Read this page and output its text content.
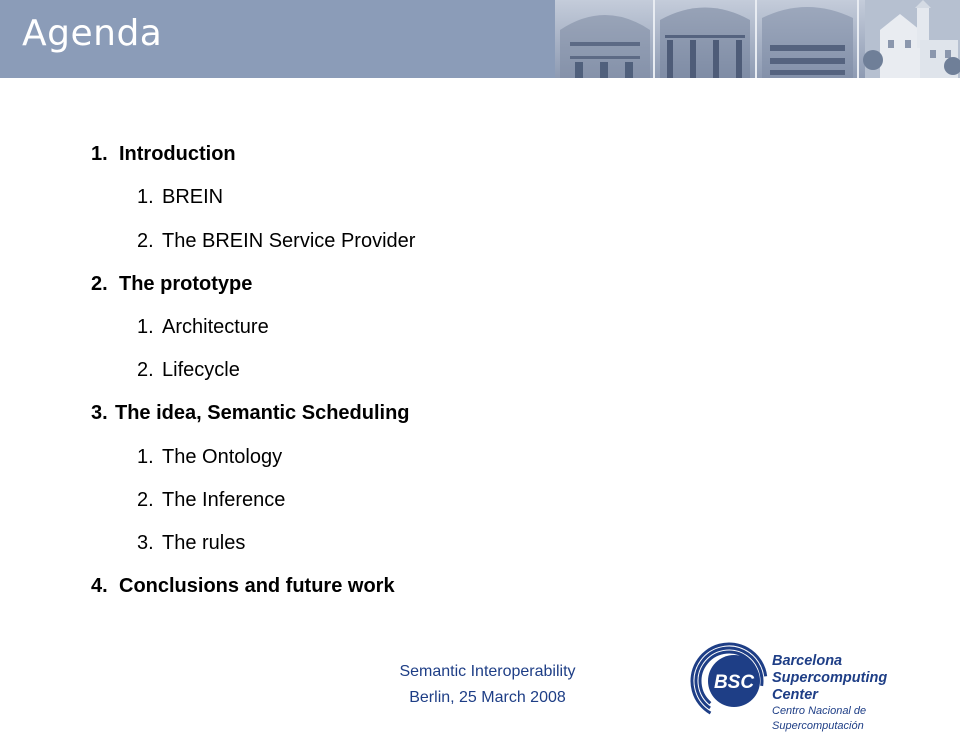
Agenda
1. Introduction
1. BREIN
2. The BREIN Service Provider
2. The prototype
1. Architecture
2. Lifecycle
3. The idea, Semantic Scheduling
1. The Ontology
2. The Inference
3. The rules
4. Conclusions and future work
Semantic Interoperability
Berlin, 25 March 2008
BSC
Barcelona
Supercomputing
Center
Centro Nacional de Supercomputación
